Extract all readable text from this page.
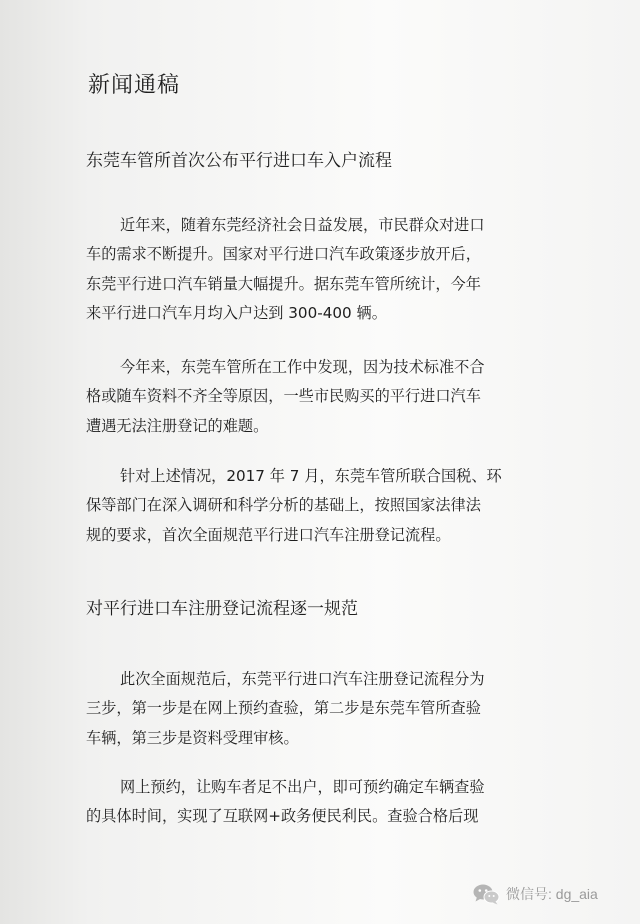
新闻通稿
东莞车管所首次公布平行进口车入户流程
近年来，随着东莞经济社会日益发展，市民群众对进口
车的需求不断提升。国家对平行进口汽车政策逐步放开后，
东莞平行进口汽车销量大幅提升。据东莞车管所统计，今年
来平行进口汽车月均入户达到 300-400 辆。
今年来，东莞车管所在工作中发现，因为技术标准不合
格或随车资料不齐全等原因，一些市民购买的平行进口汽车
遭遇无法注册登记的难题。
针对上述情况，2017 年 7 月，东莞车管所联合国税、环
保等部门在深入调研和科学分析的基础上，按照国家法律法
规的要求，首次全面规范平行进口汽车注册登记流程。
对平行进口车注册登记流程逐一规范
此次全面规范后，东莞平行进口汽车注册登记流程分为
三步，第一步是在网上预约查验，第二步是东莞车管所查验
车辆，第三步是资料受理审核。
网上预约，让购车者足不出户，即可预约确定车辆查验
的具体时间，实现了互联网+政务便民利民。查验合格后现
微信号: dg_aia
